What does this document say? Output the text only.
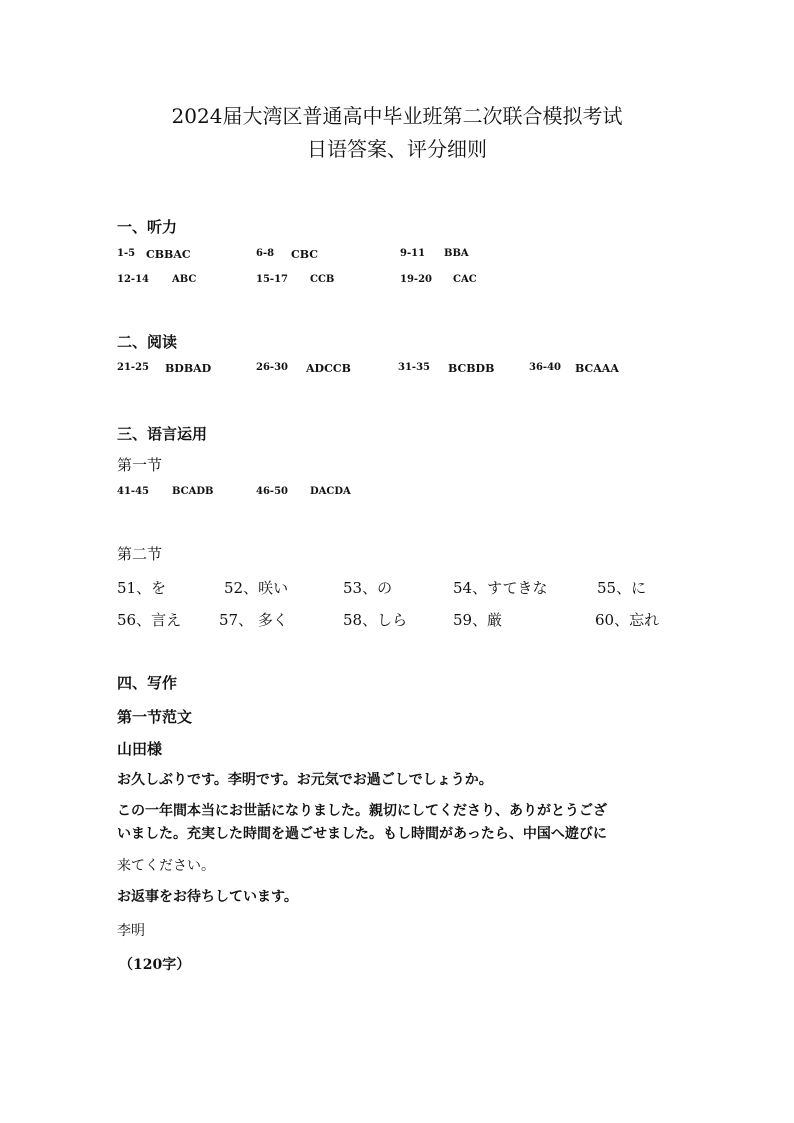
2024届大湾区普通高中毕业班第二次联合模拟考试
日语答案、评分细则
一、听力
1-5 CBBAC	6-8 CBC	9-11 BBA
12-14 ABC	15-17 CCB	19-20 CAC
二、阅读
21-25 BDBAD	26-30 ADCCB	31-35 BCBDB	36-40 BCAAA
三、语言运用
第一节
41-45 BCADB	46-50 DACDA
第二节
51、を	52、咲い	53、の	54、すてきな	55、に
56、言え	57、 多く	58、しら	59、厳	60、忘れ
四、写作
第一节范文
山田様
お久しぶりです。李明です。お元気でお過ごしでしょうか。
この一年間本当にお世話になりました。親切にしてくださり、ありがとうござ
いました。充実した時間を過ごせました。もし時間があったら、中国へ遊びに
来てください。
お返事をお待ちしています。
李明
（120字）
